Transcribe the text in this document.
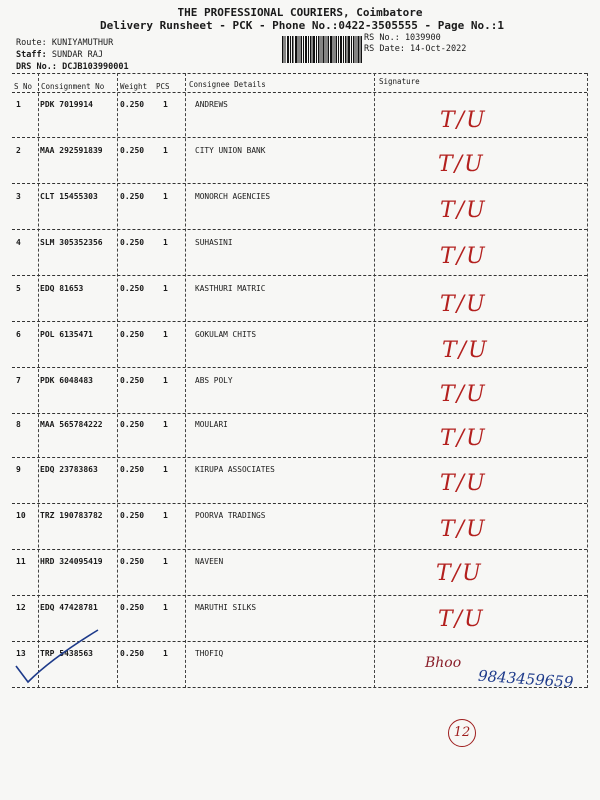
THE PROFESSIONAL COURIERS, Coimbatore
Delivery Runsheet - PCK - Phone No.:0422-3505555 - Page No.:1
Route: KUNIYAMUTHUR
Staff: SUNDAR RAJ
DRS No.: DCJB103990001
RS No.: 1039900
RS Date: 14-Oct-2022
S No Consignment No Weight PCS	Consignee Details	Signature
1 PDK 7019914	0.250 1	ANDREWS
T/U
2 MAA 292591839 0.250 1	CITY UNION BANK
T/U
3 CLT 15455303	0.250 1	MONORCH AGENCIES
T/U
4 SLM 305352356 0.250 1	SUHASINI
T/U
5 EDQ 81653	0.250 1	KASTHURI MATRIC
T/U
6 POL 6135471	0.250 1	GOKULAM CHITS
T/U
7 PDK 6048483	0.250 1	ABS POLY
T/U
8 MAA 565784222 0.250 1	MOULARI
T/U
9 EDQ 23783863	0.250 1	KIRUPA ASSOCIATES
T/U
10 TRZ 190783782 0.250 1	POORVA TRADINGS
T/U
11 HRD 324095419 0.250 1	NAVEEN	T/U
12 EDQ 47428781	0.250 1	MARUTHI SILKS	T/U
13 TRP 5438563	0.250 1	THOFIQ
Bhoo
9843459659
12
